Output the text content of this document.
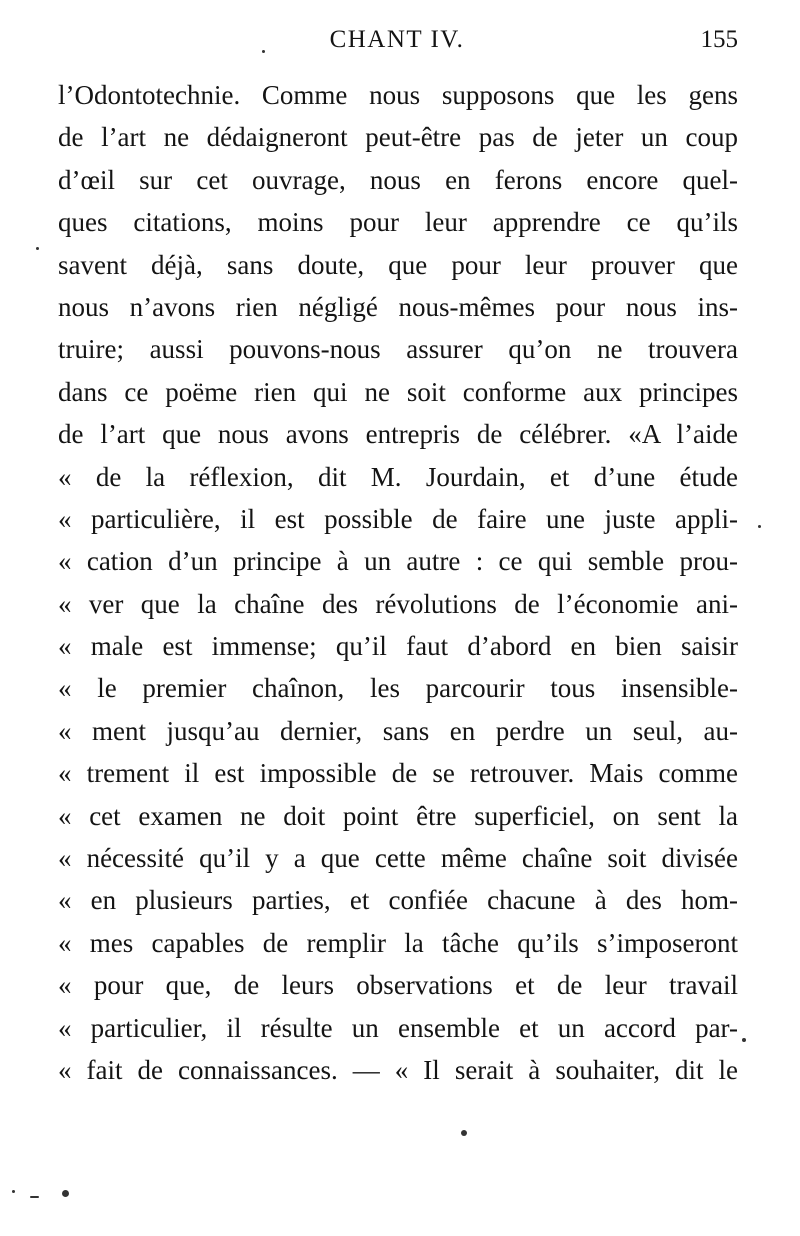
CHANT IV.	155
l’Odontotechnie. Comme nous supposons que les gens
de l’art ne dédaigneront peut-être pas de jeter un coup
d’œil sur cet ouvrage, nous en ferons encore quel-
ques citations, moins pour leur apprendre ce qu’ils
savent déjà, sans doute, que pour leur prouver que
nous n’avons rien négligé nous-mêmes pour nous ins-
truire; aussi pouvons-nous assurer qu’on ne trouvera
dans ce poëme rien qui ne soit conforme aux principes
de l’art que nous avons entrepris de célébrer. «A l’aide
« de la réflexion, dit M. Jourdain, et d’une étude
« particulière, il est possible de faire une juste appli-
« cation d’un principe à un autre : ce qui semble prou-
« ver que la chaîne des révolutions de l’économie ani-
« male est immense; qu’il faut d’abord en bien saisir
« le premier chaînon, les parcourir tous insensible-
« ment jusqu’au dernier, sans en perdre un seul, au-
« trement il est impossible de se retrouver. Mais comme
« cet examen ne doit point être superficiel, on sent la
« nécessité qu’il y a que cette même chaîne soit divisée
« en plusieurs parties, et confiée chacune à des hom-
« mes capables de remplir la tâche qu’ils s’imposeront
« pour que, de leurs observations et de leur travail
« particulier, il résulte un ensemble et un accord par-
« fait de connaissances. — « Il serait à souhaiter, dit le
